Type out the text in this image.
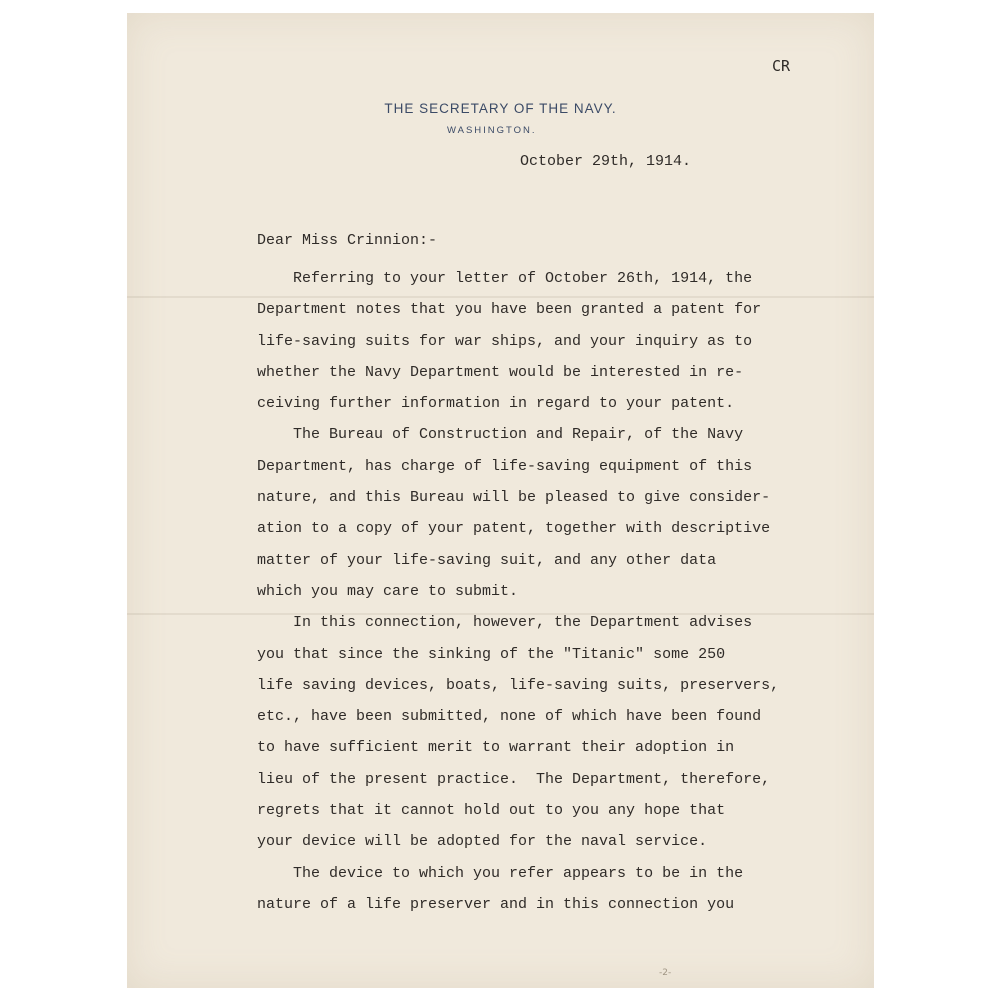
CR
THE SECRETARY OF THE NAVY.
WASHINGTON.
October 29th, 1914.
Dear Miss Crinnion:-
Referring to your letter of October 26th, 1914, the
Department notes that you have been granted a patent for
life-saving suits for war ships, and your inquiry as to
whether the Navy Department would be interested in re-
ceiving further information in regard to your patent.
The Bureau of Construction and Repair, of the Navy
Department, has charge of life-saving equipment of this
nature, and this Bureau will be pleased to give consider-
ation to a copy of your patent, together with descriptive
matter of your life-saving suit, and any other data
which you may care to submit.
In this connection, however, the Department advises
you that since the sinking of the "Titanic" some 250
life saving devices, boats, life-saving suits, preservers,
etc., have been submitted, none of which have been found
to have sufficient merit to warrant their adoption in
lieu of the present practice.  The Department, therefore,
regrets that it cannot hold out to you any hope that
your device will be adopted for the naval service.
The device to which you refer appears to be in the
nature of a life preserver and in this connection you
-2-
